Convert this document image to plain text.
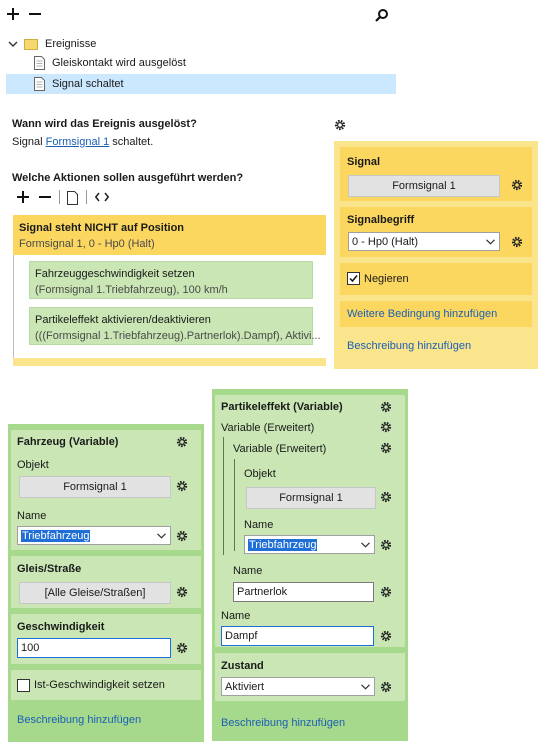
Ereignisse
Gleiskontakt wird ausgelöst
Signal schaltet
Wann wird das Ereignis ausgelöst?
Signal Formsignal 1 schaltet.
Welche Aktionen sollen ausgeführt werden?
Signal steht NICHT auf Position
Formsignal 1, 0 - Hp0 (Halt)
Fahrzeuggeschwindigkeit setzen
(Formsignal 1.Triebfahrzeug), 100 km/h
Partikeleffekt aktivieren/deaktivieren
(((Formsignal 1.Triebfahrzeug).Partnerlok).Dampf), Aktivi...
Signal
Formsignal 1
Signalbegriff
0 - Hp0 (Halt)
Negieren
Weitere Bedingung hinzufügen
Beschreibung hinzufügen
Fahrzeug (Variable)
Objekt
Formsignal 1
Name
Triebfahrzeug
Gleis/Straße
[Alle Gleise/Straßen]
Geschwindigkeit
100
Ist-Geschwindigkeit setzen
Beschreibung hinzufügen
Partikeleffekt (Variable)
Variable (Erweitert)
Variable (Erweitert)
Objekt
Formsignal 1
Name
Triebfahrzeug
Name
Partnerlok
Name
Dampf
Zustand
Aktiviert
Beschreibung hinzufügen
